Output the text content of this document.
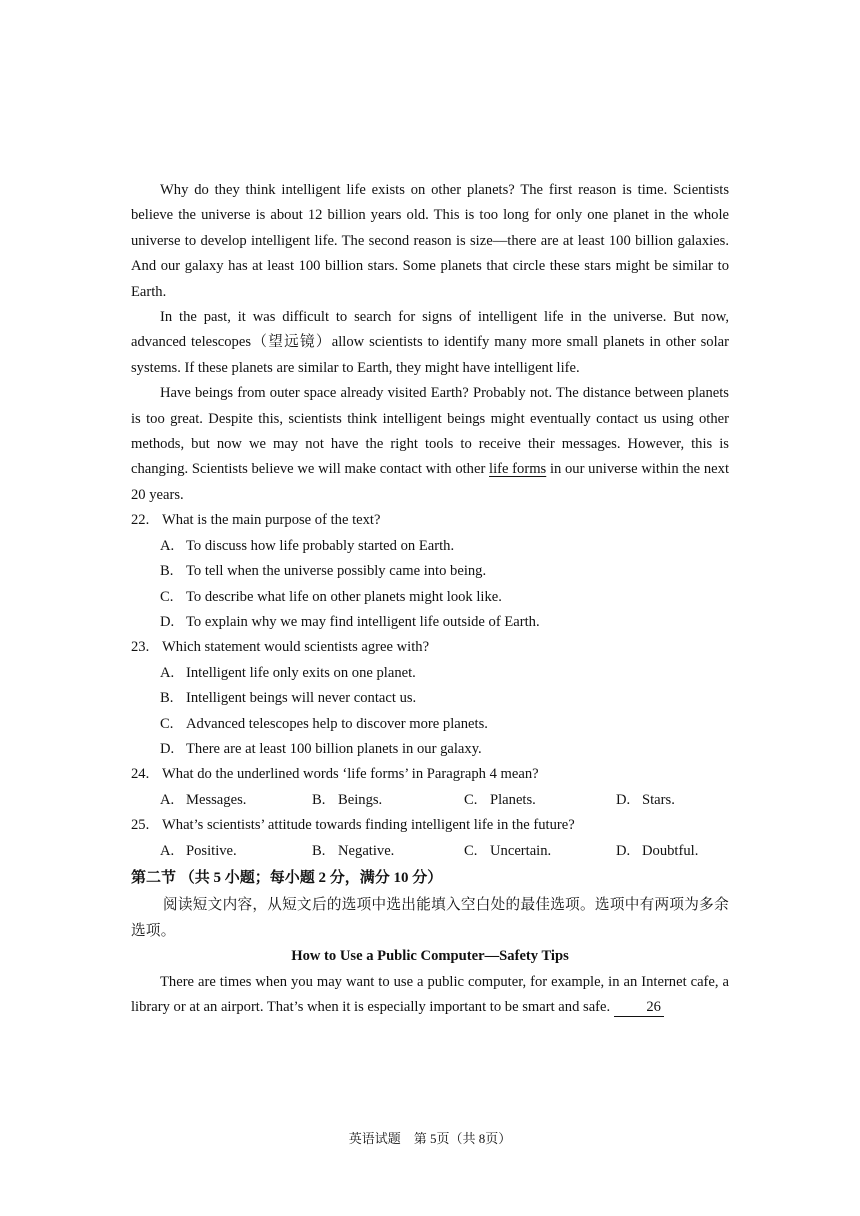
Why do they think intelligent life exists on other planets? The first reason is time. Scientists believe the universe is about 12 billion years old. This is too long for only one planet in the whole universe to develop intelligent life. The second reason is size—there are at least 100 billion galaxies. And our galaxy has at least 100 billion stars. Some planets that circle these stars might be similar to Earth.

In the past, it was difficult to search for signs of intelligent life in the universe. But now, advanced telescopes（望远镜）allow scientists to identify many more small planets in other solar systems. If these planets are similar to Earth, they might have intelligent life.

Have beings from outer space already visited Earth? Probably not. The distance between planets is too great. Despite this, scientists think intelligent beings might eventually contact us using other methods, but now we may not have the right tools to receive their messages. However, this is changing. Scientists believe we will make contact with other life forms in our universe within the next 20 years.

22. What is the main purpose of the text?

A. To discuss how life probably started on Earth.

B. To tell when the universe possibly came into being.

C. To describe what life on other planets might look like.

D. To explain why we may find intelligent life outside of Earth.

23. Which statement would scientists agree with?

A. Intelligent life only exits on one planet.

B. Intelligent beings will never contact us.

C. Advanced telescopes help to discover more planets.

D. There are at least 100 billion planets in our galaxy.

24. What do the underlined words ‘life forms’ in Paragraph 4 mean?

A. Messages.	B. Beings.	C. Planets.	D. Stars.

25. What’s scientists’ attitude towards finding intelligent life in the future?

A. Positive.	B. Negative.	C. Uncertain.	D. Doubtful.

第二节 （共 5 小题；每小题 2 分，满分 10 分）

阅读短文内容，从短文后的选项中选出能填入空白处的最佳选项。选项中有两项为多余选项。

How to Use a Public Computer—Safety Tips

There are times when you may want to use a public computer, for example, in an Internet cafe, a library or at an airport. That’s when it is especially important to be smart and safe. 26

英语试题　第 5页（共 8页）
